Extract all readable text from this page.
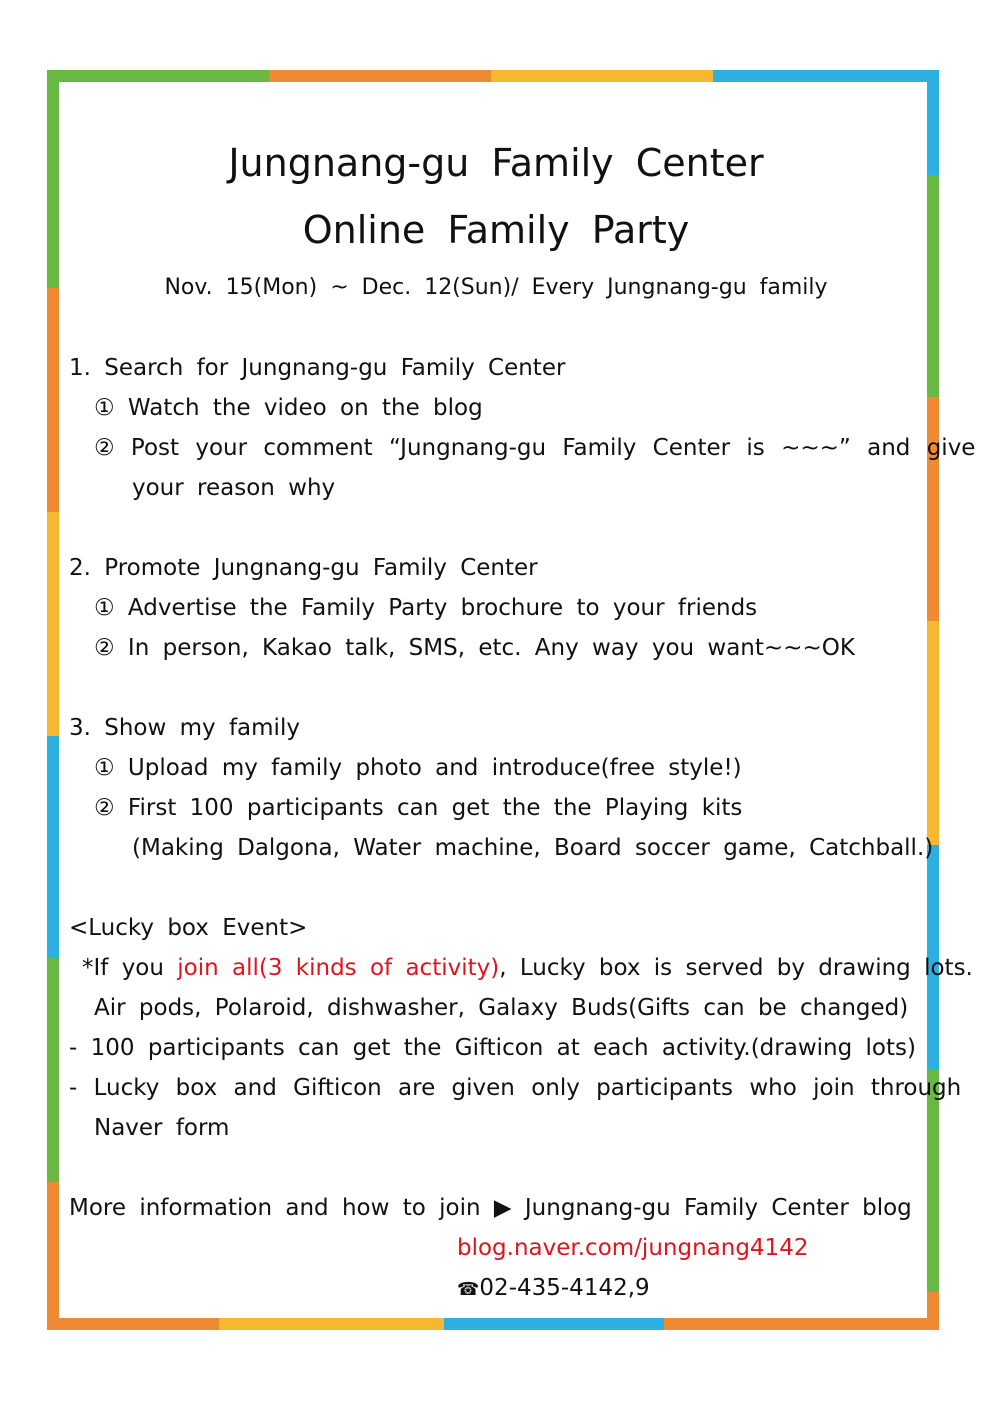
Jungnang-gu Family Center
Online Family Party
Nov. 15(Mon) ~ Dec. 12(Sun)/ Every Jungnang-gu family
1. Search for Jungnang-gu Family Center
① Watch the video on the blog
② Post your comment “Jungnang-gu Family Center is ~~~” and give
your reason why
2. Promote Jungnang-gu Family Center
① Advertise the Family Party brochure to your friends
② In person, Kakao talk, SMS, etc. Any way you want~~~OK
3. Show my family
① Upload my family photo and introduce(free style!)
② First 100 participants can get the the Playing kits
(Making Dalgona, Water machine, Board soccer game, Catchball.)
<Lucky box Event>
*If you join all(3 kinds of activity), Lucky box is served by drawing lots.
Air pods, Polaroid, dishwasher, Galaxy Buds(Gifts can be changed)
- 100 participants can get the Gifticon at each activity.(drawing lots)
- Lucky box and Gifticon are given only participants who join through
Naver form
More information and how to join ▶ Jungnang-gu Family Center blog
blog.naver.com/jungnang4142
☎02-435-4142,9
